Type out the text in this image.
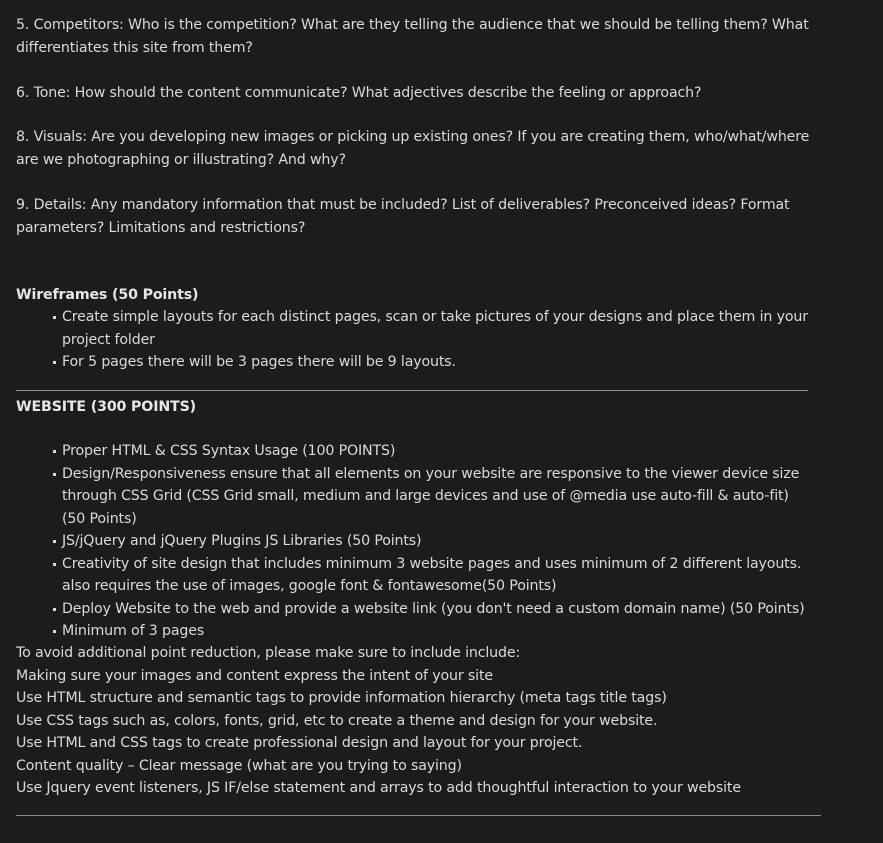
5. Competitors: Who is the competition? What are they telling the audience that we should be telling them? What differentiates this site from them?

6. Tone: How should the content communicate? What adjectives describe the feeling or approach?

8. Visuals: Are you developing new images or picking up existing ones? If you are creating them, who/what/where are we photographing or illustrating? And why?

9. Details: Any mandatory information that must be included? List of deliverables? Preconceived ideas? Format parameters? Limitations and restrictions?

Wireframes (50 Points)

Create simple layouts for each distinct pages, scan or take pictures of your designs and place them in your project folder
For 5 pages there will be 3 pages there will be 9 layouts.

WEBSITE (300 POINTS)

Proper HTML & CSS Syntax Usage (100 POINTS)
Design/Responsiveness ensure that all elements on your website are responsive to the viewer device size through CSS Grid (CSS Grid small, medium and large devices and use of @media use auto-fill & auto-fit) (50 Points)
JS/jQuery and jQuery Plugins JS Libraries (50 Points)
Creativity of site design that includes minimum 3 website pages and uses minimum of 2 different layouts. also requires the use of images, google font & fontawesome(50 Points)
Deploy Website to the web and provide a website link (you don't need a custom domain name) (50 Points)
Minimum of 3 pages
To avoid additional point reduction, please make sure to include include:
Making sure your images and content express the intent of your site
Use HTML structure and semantic tags to provide information hierarchy (meta tags title tags)
Use CSS tags such as, colors, fonts, grid, etc to create a theme and design for your website.
Use HTML and CSS tags to create professional design and layout for your project.
Content quality – Clear message (what are you trying to saying)
Use Jquery event listeners, JS IF/else statement and arrays to add thoughtful interaction to your website
